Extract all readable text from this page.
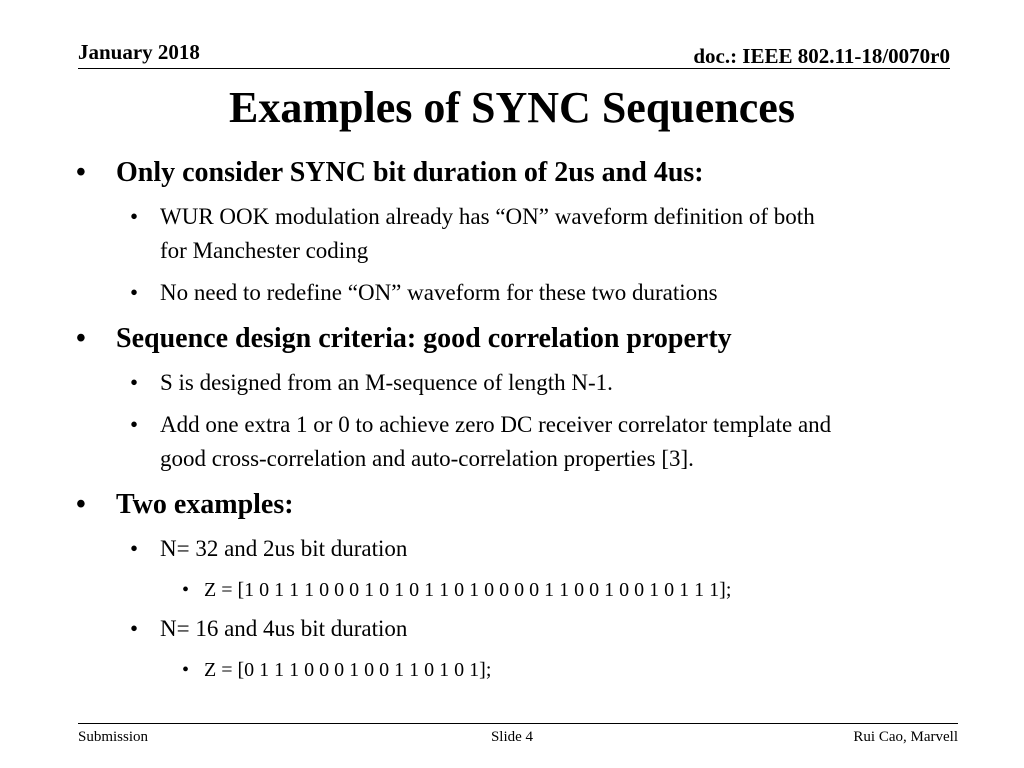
January 2018	doc.: IEEE 802.11-18/0070r0
Examples of SYNC Sequences
• Only consider SYNC bit duration of 2us and 4us:
• WUR OOK modulation already has “ON” waveform definition of both
for Manchester coding
• No need to redefine “ON” waveform for these two durations
• Sequence design criteria: good correlation property
• S is designed from an M-sequence of length N-1.
• Add one extra 1 or 0 to achieve zero DC receiver correlator template and
good cross-correlation and auto-correlation properties [3].
• Two examples:
• N= 32 and 2us bit duration
• Z = [1 0 1 1 1 0 0 0 1 0 1 0 1 1 0 1 0 0 0 0 1 1 0 0 1 0 0 1 0 1 1 1];
• N= 16 and 4us bit duration
• Z = [0 1 1 1 0 0 0 1 0 0 1 1 0 1 0 1];
Submission	Slide 4	Rui Cao, Marvell
